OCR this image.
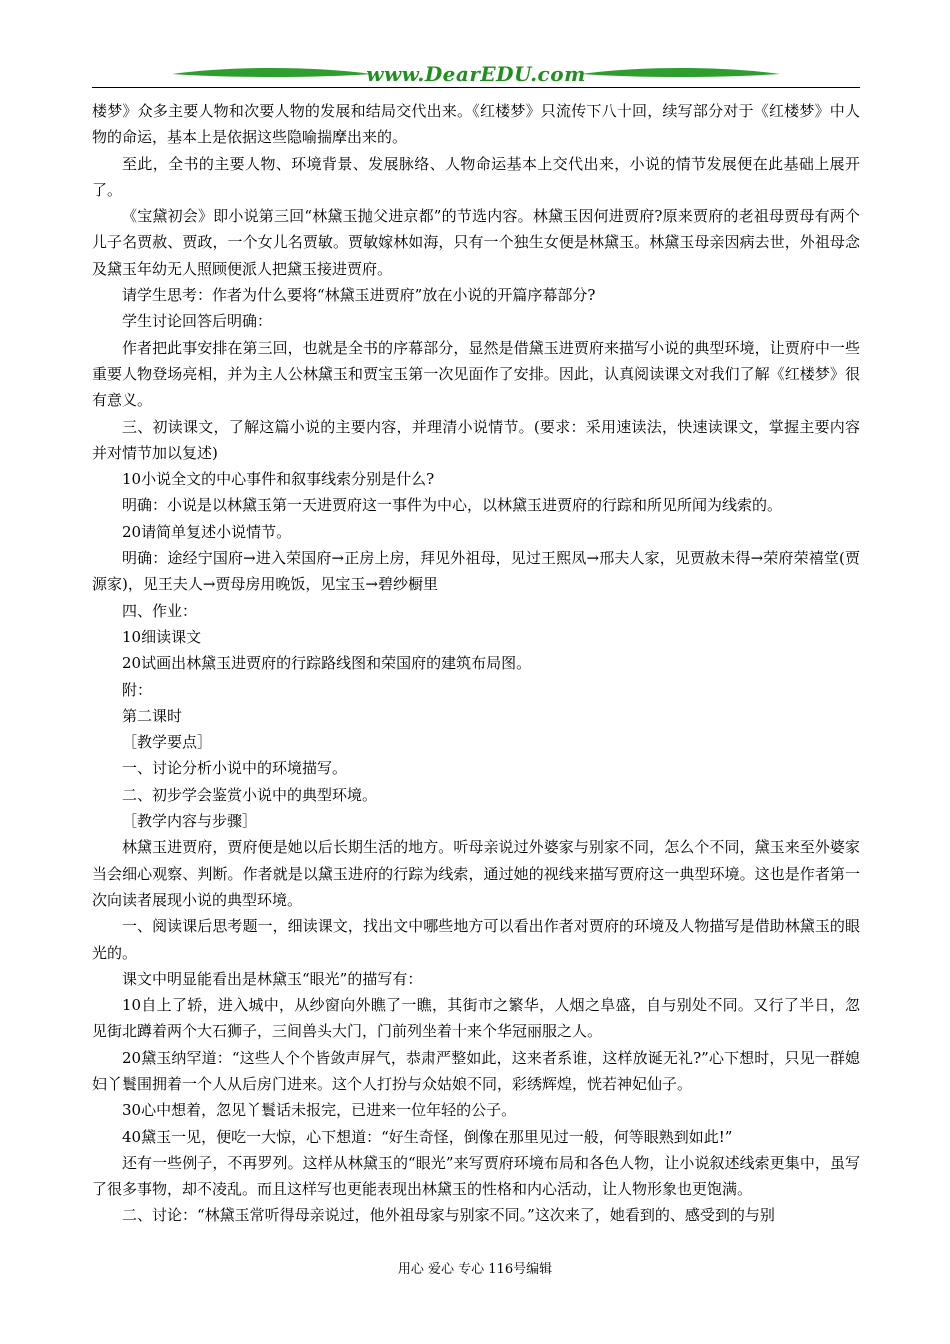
www.DearEDU.com

楼梦》众多主要人物和次要人物的发展和结局交代出来。《红楼梦》只流传下八十回，续写部分对于《红楼梦》中人物的命运，基本上是依据这些隐喻揣摩出来的。

至此，全书的主要人物、环境背景、发展脉络、人物命运基本上交代出来，小说的情节发展便在此基础上展开了。

《宝黛初会》即小说第三回“林黛玉抛父进京都”的节选内容。林黛玉因何进贾府?原来贾府的老祖母贾母有两个儿子名贾赦、贾政，一个女儿名贾敏。贾敏嫁林如海，只有一个独生女便是林黛玉。林黛玉母亲因病去世，外祖母念及黛玉年幼无人照顾便派人把黛玉接进贾府。

请学生思考：作者为什么要将“林黛玉进贾府”放在小说的开篇序幕部分?

学生讨论回答后明确：

作者把此事安排在第三回，也就是全书的序幕部分，显然是借黛玉进贾府来描写小说的典型环境，让贾府中一些重要人物登场亮相，并为主人公林黛玉和贾宝玉第一次见面作了安排。因此，认真阅读课文对我们了解《红楼梦》很有意义。

三、初读课文，了解这篇小说的主要内容，并理清小说情节。(要求：采用速读法，快速读课文，掌握主要内容并对情节加以复述)

10小说全文的中心事件和叙事线索分别是什么?

明确：小说是以林黛玉第一天进贾府这一事件为中心，以林黛玉进贾府的行踪和所见所闻为线索的。

20请简单复述小说情节。

明确：途经宁国府→进入荣国府→正房上房，拜见外祖母，见过王熙凤→邢夫人家，见贾赦未得→荣府荣禧堂(贾源家)，见王夫人→贾母房用晚饭，见宝玉→碧纱橱里

四、作业：

10细读课文

20试画出林黛玉进贾府的行踪路线图和荣国府的建筑布局图。

附：

第二课时

［教学要点］

一、讨论分析小说中的环境描写。

二、初步学会鉴赏小说中的典型环境。

［教学内容与步骤］

林黛玉进贾府，贾府便是她以后长期生活的地方。听母亲说过外婆家与别家不同，怎么个不同，黛玉来至外婆家当会细心观察、判断。作者就是以黛玉进府的行踪为线索，通过她的视线来描写贾府这一典型环境。这也是作者第一次向读者展现小说的典型环境。

一、阅读课后思考题一，细读课文，找出文中哪些地方可以看出作者对贾府的环境及人物描写是借助林黛玉的眼光的。

课文中明显能看出是林黛玉“眼光”的描写有：

10自上了轿，进入城中，从纱窗向外瞧了一瞧，其街市之繁华，人烟之阜盛，自与别处不同。又行了半日，忽见街北蹲着两个大石狮子，三间兽头大门，门前列坐着十来个华冠丽服之人。

20黛玉纳罕道：“这些人个个皆敛声屏气，恭肃严整如此，这来者系谁，这样放诞无礼?”心下想时，只见一群媳妇丫鬟围拥着一个人从后房门进来。这个人打扮与众姑娘不同，彩绣辉煌，恍若神妃仙子。

30心中想着，忽见丫鬟话未报完，已进来一位年轻的公子。

40黛玉一见，便吃一大惊，心下想道：“好生奇怪，倒像在那里见过一般，何等眼熟到如此!”

还有一些例子，不再罗列。这样从林黛玉的“眼光”来写贾府环境布局和各色人物，让小说叙述线索更集中，虽写了很多事物，却不凌乱。而且这样写也更能表现出林黛玉的性格和内心活动，让人物形象也更饱满。

二、讨论：“林黛玉常听得母亲说过，他外祖母家与别家不同。”这次来了，她看到的、感受到的与别

用心 爱心 专心 116号编辑
